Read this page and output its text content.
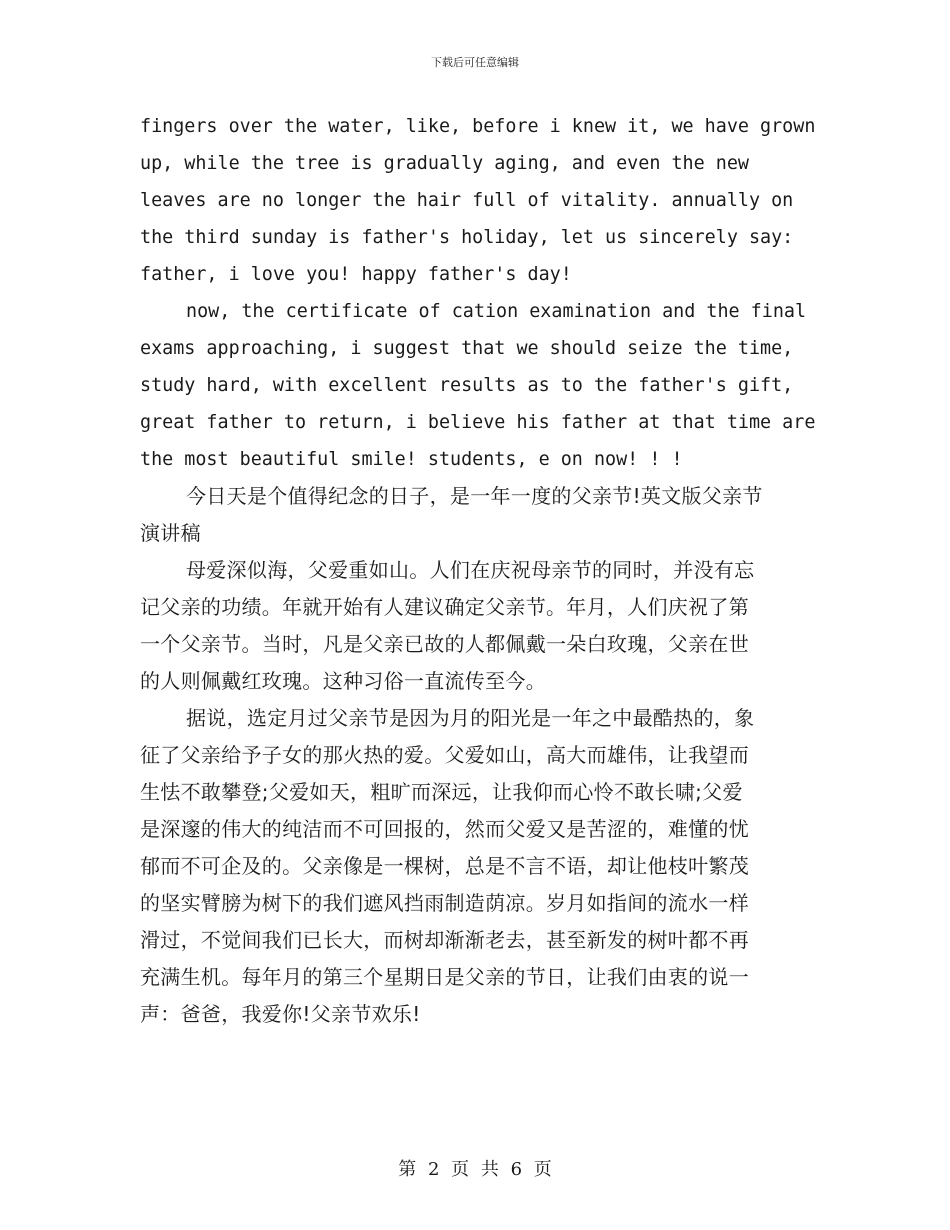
下载后可任意编辑
fingers over the water, like, before i knew it, we have grown
up, while the tree is gradually aging, and even the new
leaves are no longer the hair full of vitality. annually on
the third sunday is father's holiday, let us sincerely say:
father, i love you! happy father's day!
now, the certificate of cation examination and the final
exams approaching, i suggest that we should seize the time,
study hard, with excellent results as to the father's gift,
great father to return, i believe his father at that time are
the most beautiful smile! students, e on now! ! !
今日天是个值得纪念的日子，是一年一度的父亲节!英文版父亲节
演讲稿
母爱深似海，父爱重如山。人们在庆祝母亲节的同时，并没有忘
记父亲的功绩。年就开始有人建议确定父亲节。年月，人们庆祝了第
一个父亲节。当时，凡是父亲已故的人都佩戴一朵白玫瑰，父亲在世
的人则佩戴红玫瑰。这种习俗一直流传至今。
据说，选定月过父亲节是因为月的阳光是一年之中最酷热的，象
征了父亲给予子女的那火热的爱。父爱如山，高大而雄伟，让我望而
生怯不敢攀登;父爱如天，粗旷而深远，让我仰而心怜不敢长啸;父爱
是深邃的伟大的纯洁而不可回报的，然而父爱又是苦涩的，难懂的忧
郁而不可企及的。父亲像是一棵树，总是不言不语，却让他枝叶繁茂
的坚实臂膀为树下的我们遮风挡雨制造荫凉。岁月如指间的流水一样
滑过，不觉间我们已长大，而树却渐渐老去，甚至新发的树叶都不再
充满生机。每年月的第三个星期日是父亲的节日，让我们由衷的说一
声：爸爸，我爱你!父亲节欢乐!
第 2 页 共 6 页
